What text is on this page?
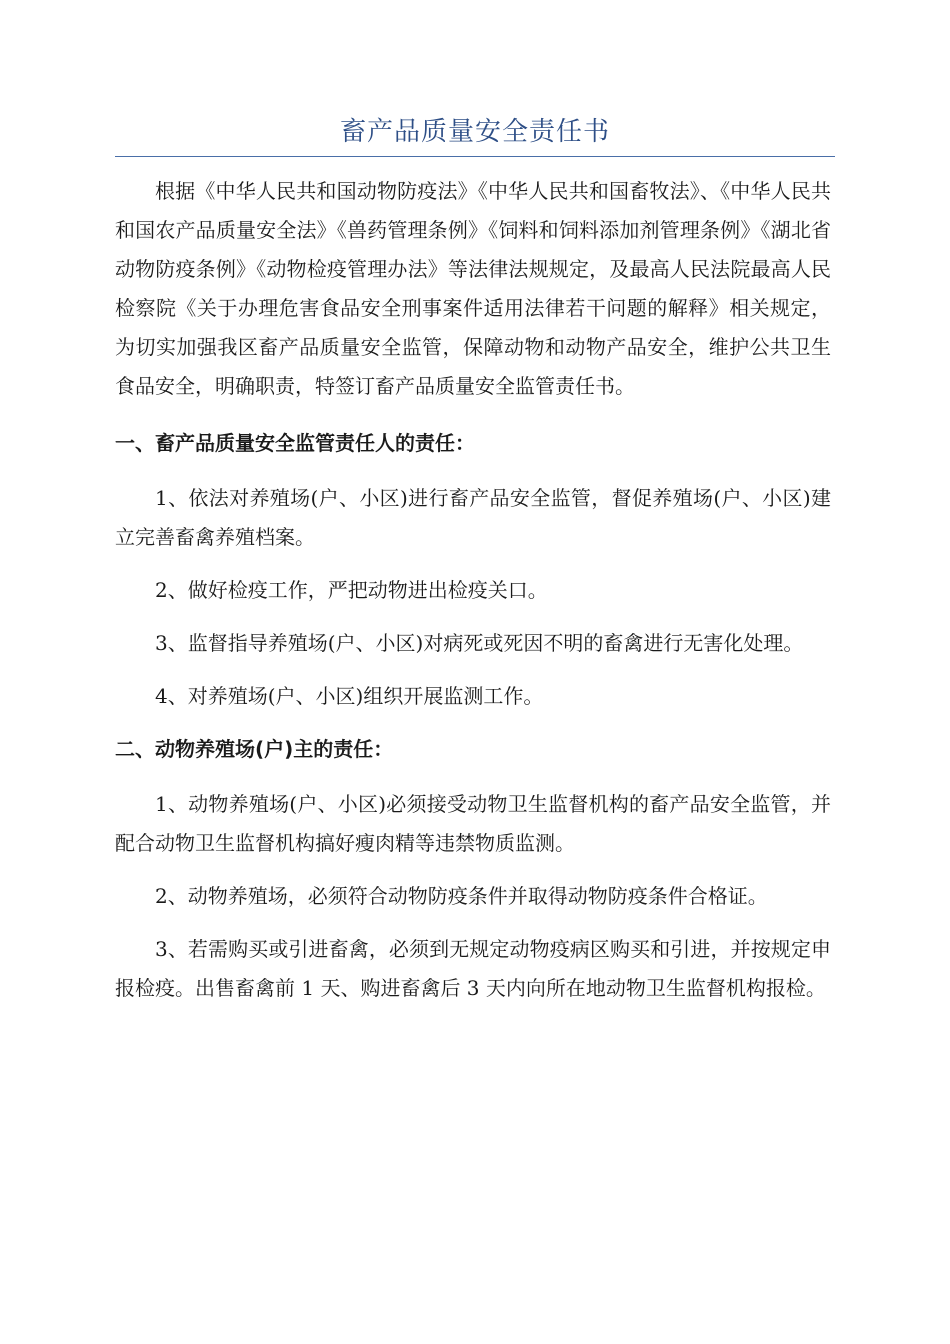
畜产品质量安全责任书

根据《中华人民共和国动物防疫法》《中华人民共和国畜牧法》、《中华人民共和国农产品质量安全法》《兽药管理条例》《饲料和饲料添加剂管理条例》《湖北省动物防疫条例》《动物检疫管理办法》等法律法规规定，及最高人民法院最高人民检察院《关于办理危害食品安全刑事案件适用法律若干问题的解释》相关规定，为切实加强我区畜产品质量安全监管，保障动物和动物产品安全，维护公共卫生食品安全，明确职责，特签订畜产品质量安全监管责任书。

一、畜产品质量安全监管责任人的责任：

1、依法对养殖场(户、小区)进行畜产品安全监管，督促养殖场(户、小区)建立完善畜禽养殖档案。

2、做好检疫工作，严把动物进出检疫关口。

3、监督指导养殖场(户、小区)对病死或死因不明的畜禽进行无害化处理。

4、对养殖场(户、小区)组织开展监测工作。

二、动物养殖场(户)主的责任：

1、动物养殖场(户、小区)必须接受动物卫生监督机构的畜产品安全监管，并配合动物卫生监督机构搞好瘦肉精等违禁物质监测。

2、动物养殖场，必须符合动物防疫条件并取得动物防疫条件合格证。

3、若需购买或引进畜禽，必须到无规定动物疫病区购买和引进，并按规定申报检疫。出售畜禽前 1 天、购进畜禽后 3 天内向所在地动物卫生监督机构报检。
